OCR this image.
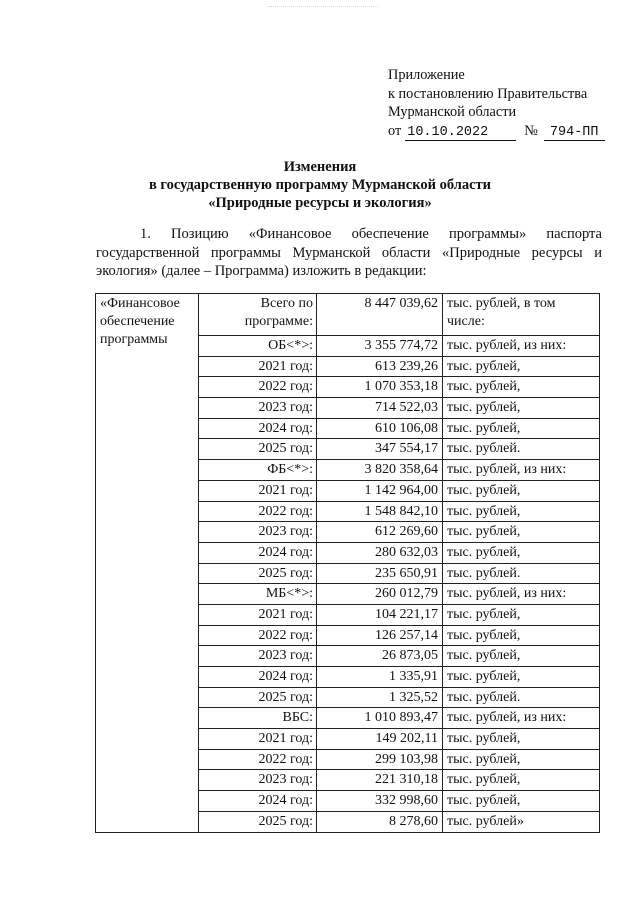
Приложение
к постановлению Правительства
Мурманской области
от 10.10.2022	№ 794-ПП
Изменения
в государственную программу Мурманской области
«Природные ресурсы и экология»
1. Позицию «Финансовое обеспечение программы» паспорта государственной программы Мурманской области «Природные ресурсы и экология» (далее – Программа) изложить в редакции:
«Финансовое обеспечение программы	Всего по программе:	8 447 039,62	тыс. рублей, в том числе:
	ОБ<*>:	3 355 774,72	тыс. рублей, из них:
	2021 год:	613 239,26	тыс. рублей,
	2022 год:	1 070 353,18	тыс. рублей,
	2023 год:	714 522,03	тыс. рублей,
	2024 год:	610 106,08	тыс. рублей,
	2025 год:	347 554,17	тыс. рублей.
	ФБ<*>:	3 820 358,64	тыс. рублей, из них:
	2021 год:	1 142 964,00	тыс. рублей,
	2022 год:	1 548 842,10	тыс. рублей,
	2023 год:	612 269,60	тыс. рублей,
	2024 год:	280 632,03	тыс. рублей,
	2025 год:	235 650,91	тыс. рублей.
	МБ<*>:	260 012,79	тыс. рублей, из них:
	2021 год:	104 221,17	тыс. рублей,
	2022 год:	126 257,14	тыс. рублей,
	2023 год:	26 873,05	тыс. рублей,
	2024 год:	1 335,91	тыс. рублей,
	2025 год:	1 325,52	тыс. рублей.
	ВБС:	1 010 893,47	тыс. рублей, из них:
	2021 год:	149 202,11	тыс. рублей,
	2022 год:	299 103,98	тыс. рублей,
	2023 год:	221 310,18	тыс. рублей,
	2024 год:	332 998,60	тыс. рублей,
	2025 год:	8 278,60	тыс. рублей»
